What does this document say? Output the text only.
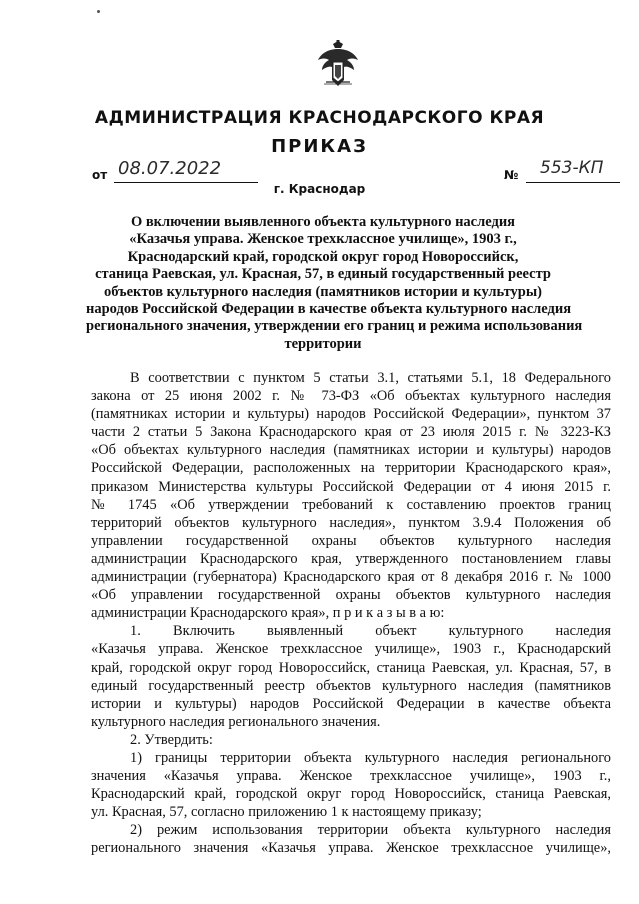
АДМИНИСТРАЦИЯ КРАСНОДАРСКОГО КРАЯ
ПРИКАЗ
от 08.07.2022	№	553-КП
г. Краснодар
О включении выявленного объекта культурного наследия
«Казачья управа. Женское трехклассное училище», 1903 г.,
Краснодарский край, городской округ город Новороссийск,
станица Раевская, ул. Красная, 57, в единый государственный реестр
объектов культурного наследия (памятников истории и культуры)
народов Российской Федерации в качестве объекта культурного наследия
регионального значения, утверждении его границ и режима использования
территории

В соответствии с пунктом 5 статьи 3.1, статьями 5.1, 18 Федерального
закона от 25 июня 2002 г. № 73-ФЗ «Об объектах культурного наследия
(памятниках истории и культуры) народов Российской Федерации», пунктом 37
части 2 статьи 5 Закона Краснодарского края от 23 июля 2015 г. № 3223-КЗ
«Об объектах культурного наследия (памятниках истории и культуры) народов
Российской Федерации, расположенных на территории Краснодарского края»,
приказом Министерства культуры Российской Федерации от 4 июня 2015 г.
№ 1745 «Об утверждении требований к составлению проектов границ
территорий объектов культурного наследия», пунктом 3.9.4 Положения об
управлении государственной охраны объектов культурного наследия
администрации Краснодарского края, утвержденного постановлением главы
администрации (губернатора) Краснодарского края от 8 декабря 2016 г. № 1000
«Об управлении государственной охраны объектов культурного наследия
администрации Краснодарского края», п р и к а з ы в а ю:

1. Включить выявленный объект культурного наследия
«Казачья управа. Женское трехклассное училище», 1903 г., Краснодарский
край, городской округ город Новороссийск, станица Раевская, ул. Красная, 57, в
единый государственный реестр объектов культурного наследия (памятников
истории и культуры) народов Российской Федерации в качестве объекта
культурного наследия регионального значения.

2. Утвердить:

1) границы территории объекта культурного наследия регионального
значения «Казачья управа. Женское трехклассное училище», 1903 г.,
Краснодарский край, городской округ город Новороссийск, станица Раевская,
ул. Красная, 57, согласно приложению 1 к настоящему приказу;

2) режим использования территории объекта культурного наследия
регионального значения «Казачья управа. Женское трехклассное училище»,
